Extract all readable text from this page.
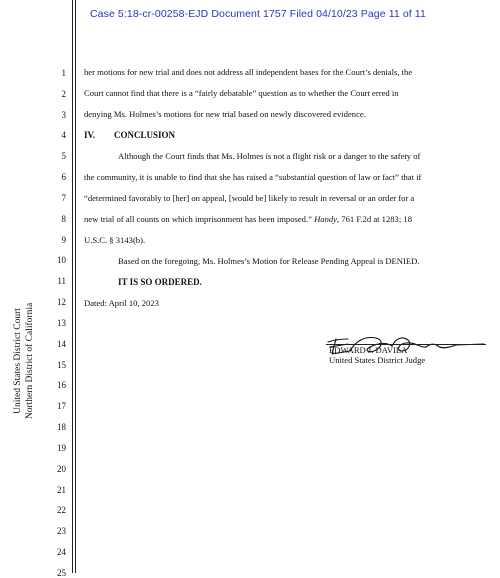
Case 5:18-cr-00258-EJD Document 1757 Filed 04/10/23 Page 11 of 11
United States District Court Northern District of California
1
2
3
4
5
6
7
8
9
10
11
12
13
14
15
16
17
18
19
20
21
22
23
24
25
her motions for new trial and does not address all independent bases for the Court’s denials, the
Court cannot find that there is a “fairly debatable” question as to whether the Court erred in
denying Ms. Holmes’s motions for new trial based on newly discovered evidence.
IV. CONCLUSION
Although the Court finds that Ms. Holmes is not a flight risk or a danger to the safety of
the community, it is unable to find that she has raised a “substantial question of law or fact” that if
“determined favorably to [her] on appeal, [would be] likely to result in reversal or an order for a
new trial of all counts on which imprisonment has been imposed.” Handy, 761 F.2d at 1283; 18
U.S.C. § 3143(b).
Based on the foregoing, Ms. Holmes’s Motion for Release Pending Appeal is DENIED.
IT IS SO ORDERED.
Dated: April 10, 2023
EDWARD J. DAVILA
United States District Judge
